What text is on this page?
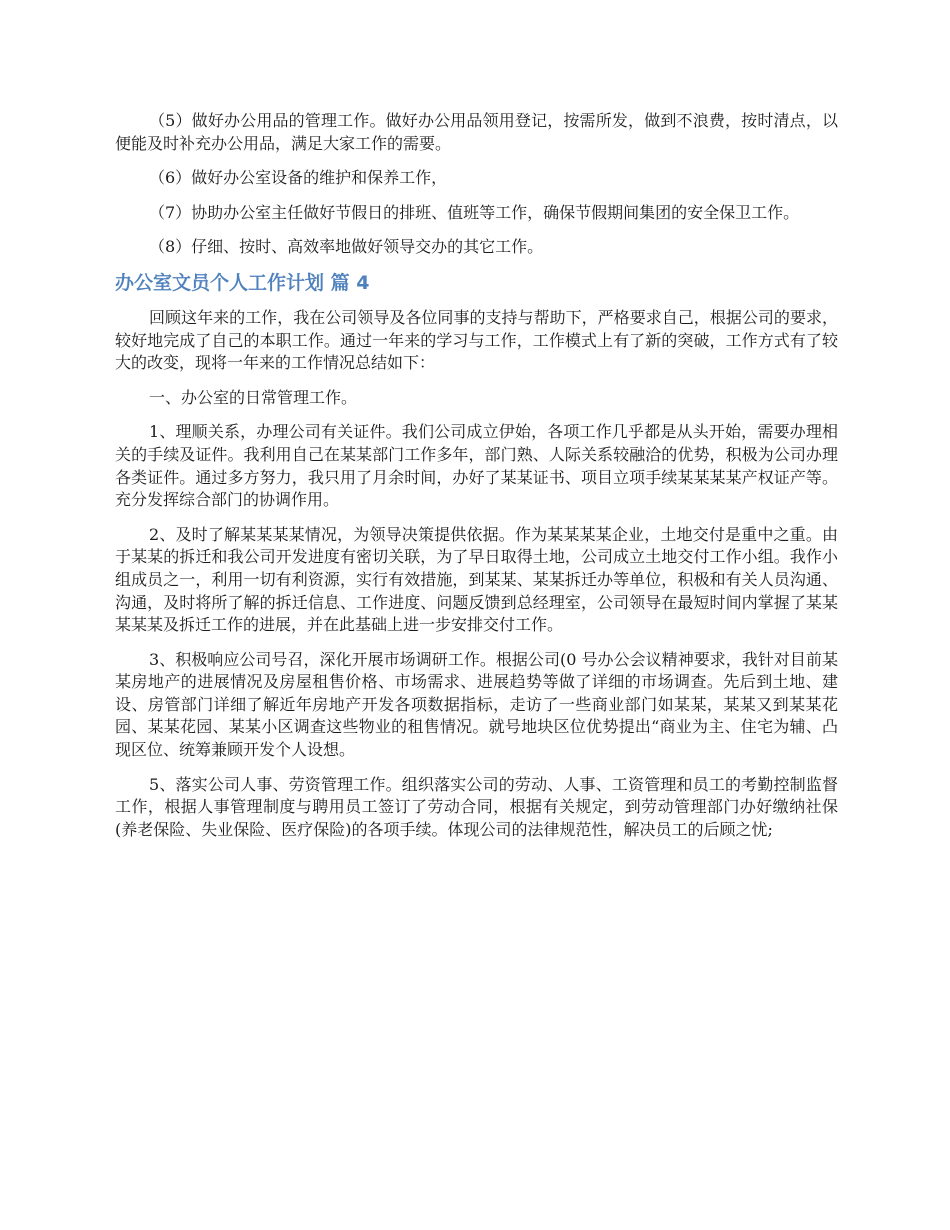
（5）做好办公用品的管理工作。做好办公用品领用登记，按需所发，做到不浪费，按时清点，以便能及时补充办公用品，满足大家工作的需要。

（6）做好办公室设备的维护和保养工作，

（7）协助办公室主任做好节假日的排班、值班等工作，确保节假期间集团的安全保卫工作。

（8）仔细、按时、高效率地做好领导交办的其它工作。

办公室文员个人工作计划 篇 4

回顾这年来的工作，我在公司领导及各位同事的支持与帮助下，严格要求自己，根据公司的要求，较好地完成了自己的本职工作。通过一年来的学习与工作，工作模式上有了新的突破，工作方式有了较大的改变，现将一年来的工作情况总结如下：

一、办公室的日常管理工作。

1、理顺关系，办理公司有关证件。我们公司成立伊始，各项工作几乎都是从头开始，需要办理相关的手续及证件。我利用自己在某某部门工作多年，部门熟、人际关系较融洽的优势，积极为公司办理各类证件。通过多方努力，我只用了月余时间，办好了某某证书、项目立项手续某某某某产权证产等。充分发挥综合部门的协调作用。

2、及时了解某某某某情况，为领导决策提供依据。作为某某某某企业，土地交付是重中之重。由于某某的拆迁和我公司开发进度有密切关联，为了早日取得土地，公司成立土地交付工作小组。我作小组成员之一，利用一切有利资源，实行有效措施，到某某、某某拆迁办等单位，积极和有关人员沟通、沟通，及时将所了解的拆迁信息、工作进度、问题反馈到总经理室，公司领导在最短时间内掌握了某某某某某及拆迁工作的进展，并在此基础上进一步安排交付工作。

3、积极响应公司号召，深化开展市场调研工作。根据公司(0 号办公会议精神要求，我针对目前某某房地产的进展情况及房屋租售价格、市场需求、进展趋势等做了详细的市场调查。先后到土地、建设、房管部门详细了解近年房地产开发各项数据指标，走访了一些商业部门如某某，某某又到某某花园、某某花园、某某小区调查这些物业的租售情况。就号地块区位优势提出“商业为主、住宅为辅、凸现区位、统筹兼顾开发个人设想。

5、落实公司人事、劳资管理工作。组织落实公司的劳动、人事、工资管理和员工的考勤控制监督工作，根据人事管理制度与聘用员工签订了劳动合同，根据有关规定，到劳动管理部门办好缴纳社保(养老保险、失业保险、医疗保险)的各项手续。体现公司的法律规范性，解决员工的后顾之忧;
